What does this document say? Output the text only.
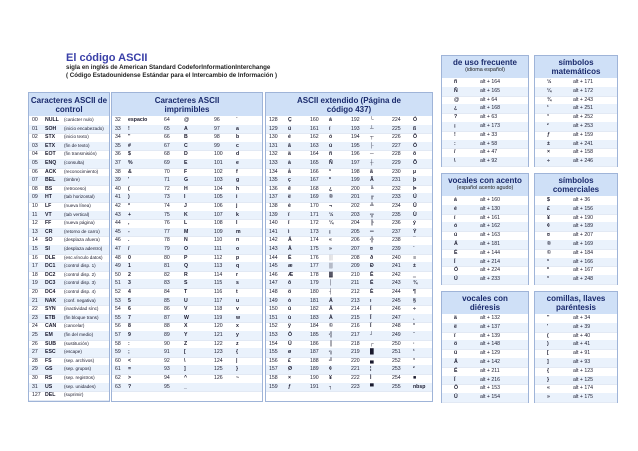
El código ASCII
sigla en inglés de American Standard CodeforInformationInterchange
( Código Estadounidense Estándar para el Intercambio de Información )
Caracteres ASCII de control
00 NULL (carácter nulo)
01 SOH (inicio encabezado)
02 STX (inicio texto)
03 ETX (fin de texto)
04 EOT (fin transmisión)
05 ENQ (consulta)
06 ACK (reconocimiento)
07 BEL (timbre)
08 BS	(retroceso)
09 HT	(tab horizontal)
10 LF	(nueva línea)
11 VT	(tab vertical)
12 FF	(nueva página)
13 CR	(retorno de carro)
14 SO	(desplaza afuera)
15 SI	(desplaza adentro)
16 DLE (esc.vínculo datos)
17 DC1 (control disp. 1)
18 DC2 (control disp. 2)
19 DC3 (control disp. 3)
20 DC4 (control disp. 4)
21 NAK (conf. negativa)
22 SYN (inactividad sínc)
23 ETB (fin bloque trans)
24 CAN (cancelar)
25 EM (fin del medio)
26 SUB (sustitución)
27 ESC (escape)
28 FS	(sep. archivos)
29 GS	(sep. grupos)
30 RS	(sep. registros)
31 US	(sep. unidades)
127 DEL (suprimir)
Caracteres ASCII imprimibles
32 espacio	64	@	96	`
33 !	65	A	97	a
34 "	66	B	98	b
35 #	67	C	99	c
36 $	68	D	100	d
37 %	69	E	101	e
38 &	70	F	102	f
39 '	71	G	103	g
40 (	72	H	104	h
41 )	73	I	105	i
42 *	74	J	106	j
43 +	75	K	107	k
44 ,	76	L	108	l
45 -	77	M	109	m
46 .	78	N	110	n
47 /	79	O	111	o
48 0	80	P	112	p
49 1	81	Q	113	q
50 2	82	R	114	r
51 3	83	S	115	s
52 4	84	T	116	t
53 5	85	U	117	u
54 6	86	V	118	v
55 7	87	W	119	w
56 8	88	X	120	x
57 9	89	Y	121	y
58 :	90	Z	122	z
59 ;	91	[	123	{
60 <	92	\	124	|
61 =	93	]	125	}
62 >	94	^	126	~
63 ?	95	_
ASCII extendido (Página de código 437)
128 Ç	160 á	192 └	224 Ó
129 ü	161 í	193 ┴	225 ß
130 é	162 ó	194 ┬	226 Ô
131 â	163 ú	195 ├	227 Ò
132 ä	164 ñ	196 ─	228 õ
133 à	165 Ñ	197 ┼	229 Õ
134 å	166 ª	198 ã	230 µ
135 ç	167 º	199 Ã	231 þ
136 ê	168 ¿	200 ╚	232 Þ
137 ë	169 ®	201 ╔	233 Ú
138 è	170 ¬	202 ╩	234 Û
139 ï	171 ½	203 ╦	235 Ù
140 î	172 ¼	204 ╠	236 ý
141 ì	173 ¡	205 ═	237 Ý
142 Ä	174 «	206 ╬	238 ¯
143 Å	175 »	207 ¤	239 ´
144 É	176 ░	208 ð	240 ≡
145 æ	177 ▒	209 Ð	241 ±
146 Æ	178 ▓	210 Ê	242 ‗
147 ô	179 │	211 Ë	243 ¾
148 ö	180 ┤	212 È	244 ¶
149 ò	181 Á	213 ı	245 §
150 û	182 Â	214 Í	246 ÷
151 ù	183 À	215 Î	247 ¸
152 ÿ	184 ©	216 Ï	248 °
153 Ö	185 ╣	217 ┘	249 ¨
154 Ü	186 ║	218 ┌	250 ·
155 ø	187 ╗	219 █	251 ¹
156 £	188 ╝	220 ▄	252 ³
157 Ø	189 ¢	221 ¦	253 ²
158 ×	190 ¥	222 Ì	254 ■
159 ƒ	191 ┐	223 ▀	255 nbsp
de uso frecuente
(idioma español)
ñ	alt + 164
Ñ	alt + 165
@	alt + 64
¿	alt + 168
?	alt + 63
¡	alt + 173
!	alt + 33
:	alt + 58
/	alt + 47
\	alt + 92
símbolos matemáticos
½	alt + 171
¼	alt + 172
¾	alt + 243
¹	alt + 251
³	alt + 252
²	alt + 253
ƒ	alt + 159
±	alt + 241
×	alt + 158
÷	alt + 246
vocales con acento
(español acento agudo)
á	alt + 160
é	alt + 130
í	alt + 161
ó	alt + 162
ú	alt + 163
Á	alt + 181
É	alt + 144
Í	alt + 214
Ó	alt + 224
Ú	alt + 233
símbolos comerciales
$	alt + 36
£	alt + 156
¥	alt + 190
¢	alt + 189
¤	alt + 207
®	alt + 169
©	alt + 184
ª	alt + 166
º	alt + 167
°	alt + 248
vocales con diéresis
ä	alt + 132
ë	alt + 137
ï	alt + 139
ö	alt + 148
ü	alt + 129
Ä	alt + 142
Ë	alt + 211
Ï	alt + 216
Ö	alt + 153
Ü	alt + 154
comillas, llaves paréntesis
"	alt + 34
'	alt + 39
(	alt + 40
)	alt + 41
[	alt + 91
]	alt + 93
{	alt + 123
}	alt + 125
«	alt + 174
»	alt + 175
